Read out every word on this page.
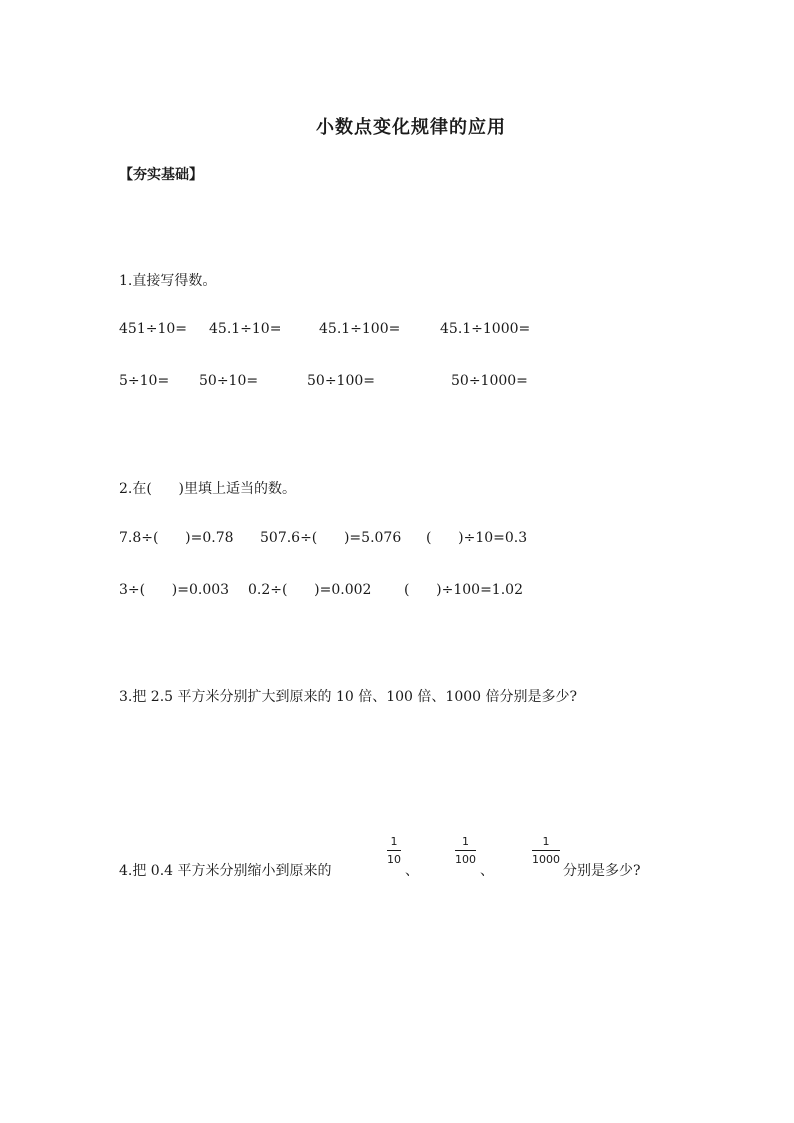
小数点变化规律的应用
【夯实基础】
1.直接写得数。
451÷10= 45.1÷10=	45.1÷100=	45.1÷1000=
5÷10= 50÷10=	50÷100=	50÷1000=
2.在(      )里填上适当的数。
7.8÷(      )=0.78 507.6÷(      )=5.076 (      )÷10=0.3
3÷(      )=0.003 0.2÷(      )=0.002 (      )÷100=1.02
3.把 2.5 平方米分别扩大到原来的 10 倍、100 倍、1000 倍分别是多少?
4.把 0.4 平方米分别缩小到原来的
1
10
、
1
100
、
1
1000
分别是多少?
